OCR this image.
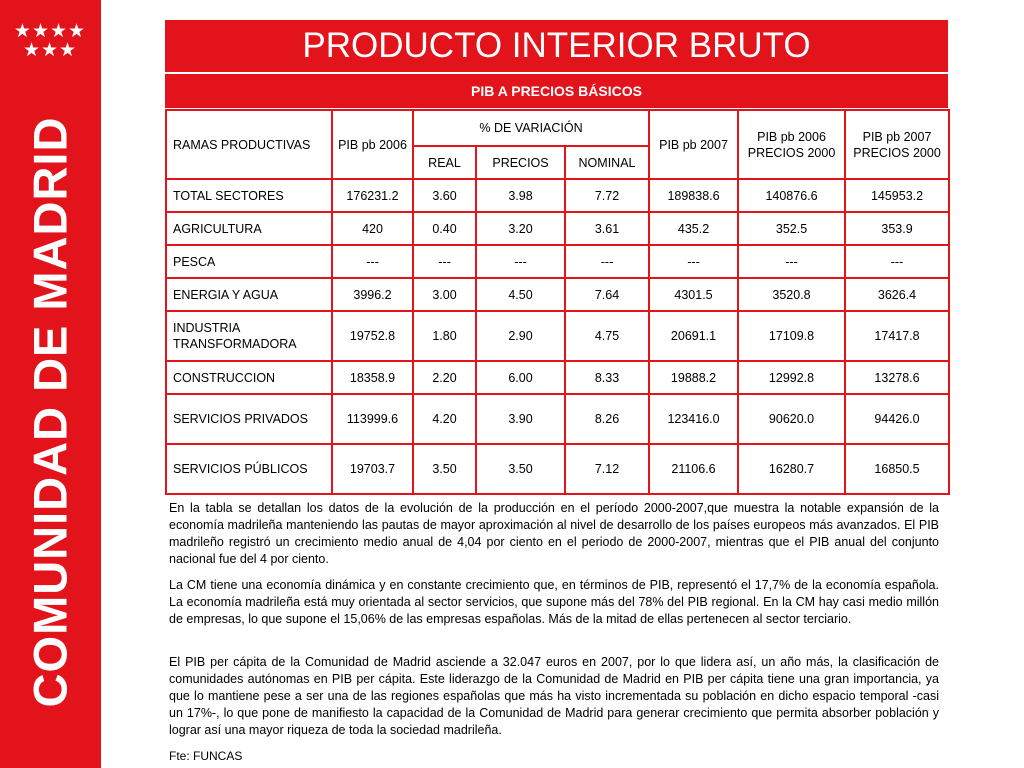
★★★★
★★★
COMUNIDAD DE MADRID
PRODUCTO INTERIOR BRUTO
PIB A PRECIOS BÁSICOS
RAMAS PRODUCTIVAS	PIB pb 2006	% DE VARIACIÓN			PIB pb 2007	PIB pb 2006 PRECIOS 2000	PIB pb 2007 PRECIOS 2000
		REAL	PRECIOS	NOMINAL			
TOTAL SECTORES	176231.2	3.60	3.98	7.72	189838.6	140876.6	145953.2
AGRICULTURA	420	0.40	3.20	3.61	435.2	352.5	353.9
PESCA	---	---	---	---	---	---	---
ENERGIA Y AGUA	3996.2	3.00	4.50	7.64	4301.5	3520.8	3626.4
INDUSTRIA TRANSFORMADORA	19752.8	1.80	2.90	4.75	20691.1	17109.8	17417.8
CONSTRUCCION	18358.9	2.20	6.00	8.33	19888.2	12992.8	13278.6
SERVICIOS PRIVADOS	113999.6	4.20	3.90	8.26	123416.0	90620.0	94426.0
SERVICIOS PÚBLICOS	19703.7	3.50	3.50	7.12	21106.6	16280.7	16850.5
En la tabla se detallan los datos de la evolución de la producción en el período 2000-2007,que muestra la notable expansión de la economía madrileña manteniendo las pautas de mayor aproximación al nivel de desarrollo de los países europeos más avanzados. El PIB madrileño registró un crecimiento medio anual de 4,04 por ciento en el periodo de 2000-2007, mientras que el PIB anual del conjunto nacional fue del 4 por ciento.
La CM tiene una economía dinámica y en constante crecimiento que, en términos de PIB, representó el 17,7% de la economía española. La economía madrileña está muy orientada al sector servicios, que supone más del 78% del PIB regional. En la CM hay casi medio millón de empresas, lo que supone el 15,06% de las empresas españolas. Más de la mitad de ellas pertenecen al sector terciario.
El PIB per cápita de la Comunidad de Madrid asciende a 32.047 euros en 2007, por lo que lidera así, un año más, la clasificación de comunidades autónomas en PIB per cápita. Este liderazgo de la Comunidad de Madrid en PIB per cápita tiene una gran importancia, ya que lo mantiene pese a ser una de las regiones españolas que más ha visto incrementada su población en dicho espacio temporal -casi un 17%-, lo que pone de manifiesto la capacidad de la Comunidad de Madrid para generar crecimiento que permita absorber población y lograr así una mayor riqueza de toda la sociedad madrileña.
Fte: FUNCAS
